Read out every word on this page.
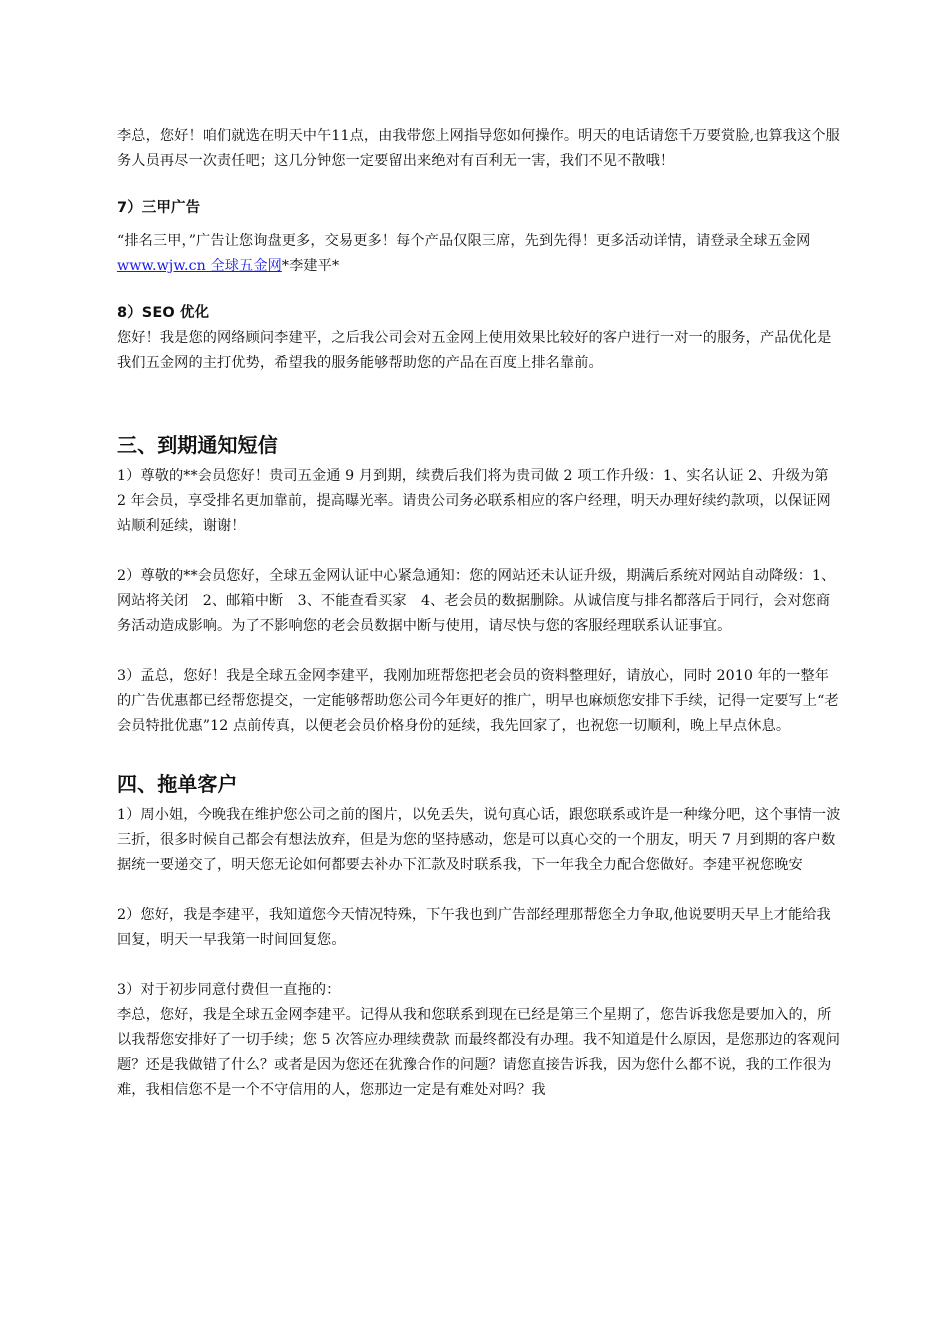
李总，您好！咱们就选在明天中午11点，由我带您上网指导您如何操作。明天的电话请您千万要赏脸,也算我这个服务人员再尽一次责任吧；这几分钟您一定要留出来绝对有百利无一害，我们不见不散哦！

7）三甲广告

“排名三甲，”广告让您询盘更多，交易更多！每个产品仅限三席，先到先得！更多活动详情，请登录全球五金网 www.wjw.cn 全球五金网*李建平*

8）SEO 优化

您好！我是您的网络顾问李建平，之后我公司会对五金网上使用效果比较好的客户进行一对一的服务，产品优化是我们五金网的主打优势，希望我的服务能够帮助您的产品在百度上排名靠前。

三、到期通知短信

1）尊敬的**会员您好！贵司五金通 9 月到期，续费后我们将为贵司做 2 项工作升级：1、实名认证 2、升级为第 2 年会员，享受排名更加靠前，提高曝光率。请贵公司务必联系相应的客户经理，明天办理好续约款项，以保证网站顺利延续，谢谢！

2）尊敬的**会员您好，全球五金网认证中心紧急通知：您的网站还未认证升级，期满后系统对网站自动降级：1、网站将关闭　2、邮箱中断　3、不能查看买家　4、老会员的数据删除。从诚信度与排名都落后于同行，会对您商务活动造成影响。为了不影响您的老会员数据中断与使用，请尽快与您的客服经理联系认证事宜。

3）孟总，您好！我是全球五金网李建平，我刚加班帮您把老会员的资料整理好，请放心，同时 2010 年的一整年的广告优惠都已经帮您提交，一定能够帮助您公司今年更好的推广，明早也麻烦您安排下手续，记得一定要写上“老会员特批优惠”12 点前传真，以便老会员价格身份的延续，我先回家了，也祝您一切顺利，晚上早点休息。

四、拖单客户

1）周小姐，今晚我在维护您公司之前的图片，以免丢失，说句真心话，跟您联系或许是一种缘分吧，这个事情一波三折，很多时候自己都会有想法放弃，但是为您的坚持感动，您是可以真心交的一个朋友，明天 7 月到期的客户数据统一要递交了，明天您无论如何都要去补办下汇款及时联系我，下一年我全力配合您做好。李建平祝您晚安

2）您好，我是李建平，我知道您今天情况特殊，下午我也到广告部经理那帮您全力争取,他说要明天早上才能给我回复，明天一早我第一时间回复您。

3）对于初步同意付费但一直拖的：

李总，您好，我是全球五金网李建平。记得从我和您联系到现在已经是第三个星期了，您告诉我您是要加入的，所以我帮您安排好了一切手续；您 5 次答应办理续费款 而最终都没有办理。我不知道是什么原因，是您那边的客观问题？还是我做错了什么？或者是因为您还在犹豫合作的问题？请您直接告诉我，因为您什么都不说，我的工作很为难，我相信您不是一个不守信用的人，您那边一定是有难处对吗？我
